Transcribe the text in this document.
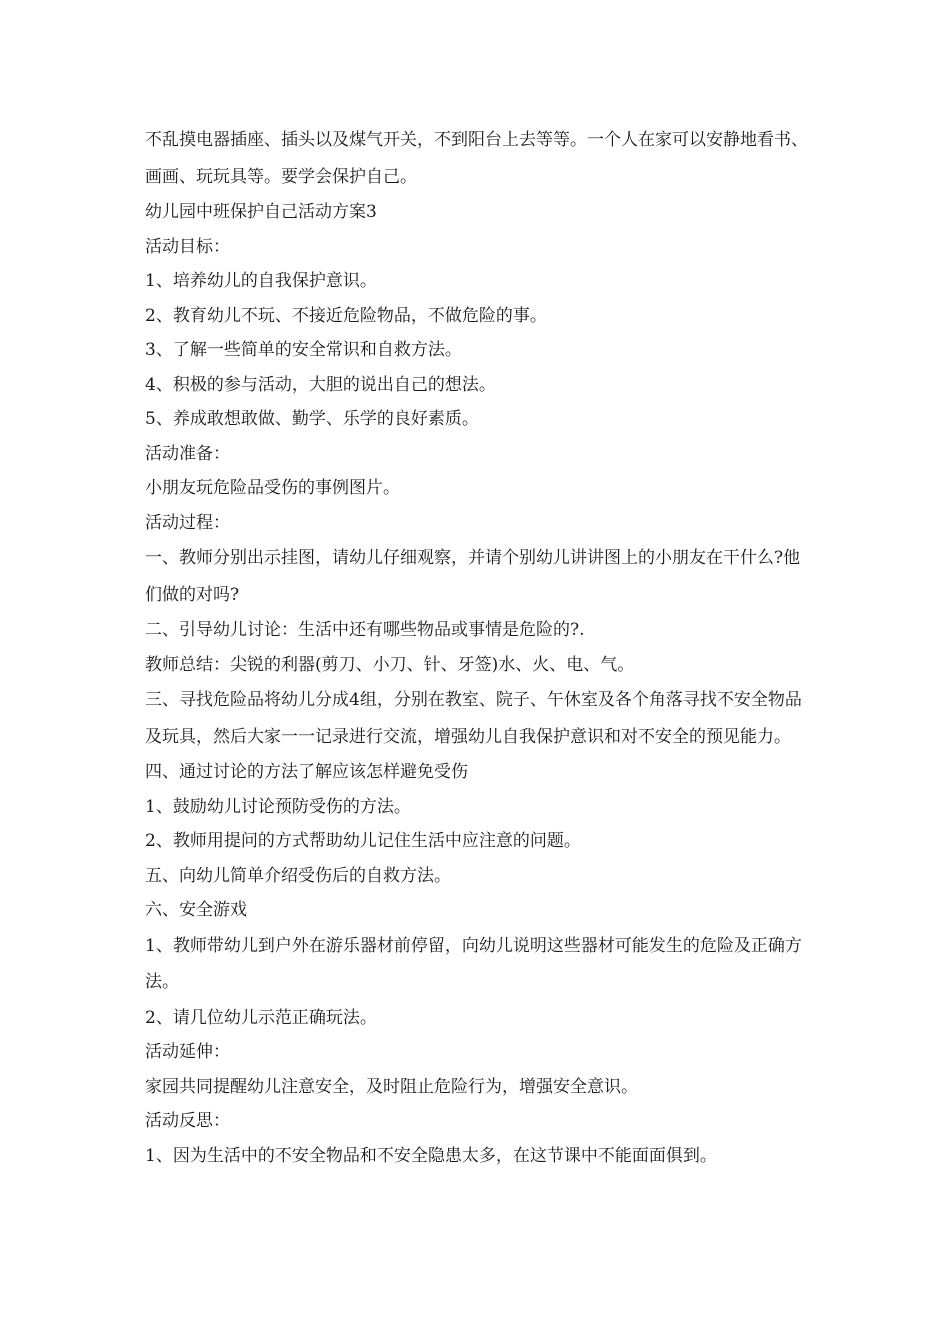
不乱摸电器插座、插头以及煤气开关，不到阳台上去等等。一个人在家可以安静地看书、画画、玩玩具等。要学会保护自己。

幼儿园中班保护自己活动方案3

活动目标：

1、培养幼儿的自我保护意识。

2、教育幼儿不玩、不接近危险物品，不做危险的事。

3、了解一些简单的安全常识和自救方法。

4、积极的参与活动，大胆的说出自己的想法。

5、养成敢想敢做、勤学、乐学的良好素质。

活动准备：

小朋友玩危险品受伤的事例图片。

活动过程：

一、教师分别出示挂图，请幼儿仔细观察，并请个别幼儿讲讲图上的小朋友在干什么?他们做的对吗?

二、引导幼儿讨论：生活中还有哪些物品或事情是危险的?.

教师总结：尖锐的利器(剪刀、小刀、针、牙签)水、火、电、气。

三、寻找危险品将幼儿分成4组，分别在教室、院子、午休室及各个角落寻找不安全物品及玩具，然后大家一一记录进行交流，增强幼儿自我保护意识和对不安全的预见能力。

四、通过讨论的方法了解应该怎样避免受伤

1、鼓励幼儿讨论预防受伤的方法。

2、教师用提问的方式帮助幼儿记住生活中应注意的问题。

五、向幼儿简单介绍受伤后的自救方法。

六、安全游戏

1、教师带幼儿到户外在游乐器材前停留，向幼儿说明这些器材可能发生的危险及正确方法。

2、请几位幼儿示范正确玩法。

活动延伸：

家园共同提醒幼儿注意安全，及时阻止危险行为，增强安全意识。

活动反思：

1、因为生活中的不安全物品和不安全隐患太多，在这节课中不能面面俱到。
